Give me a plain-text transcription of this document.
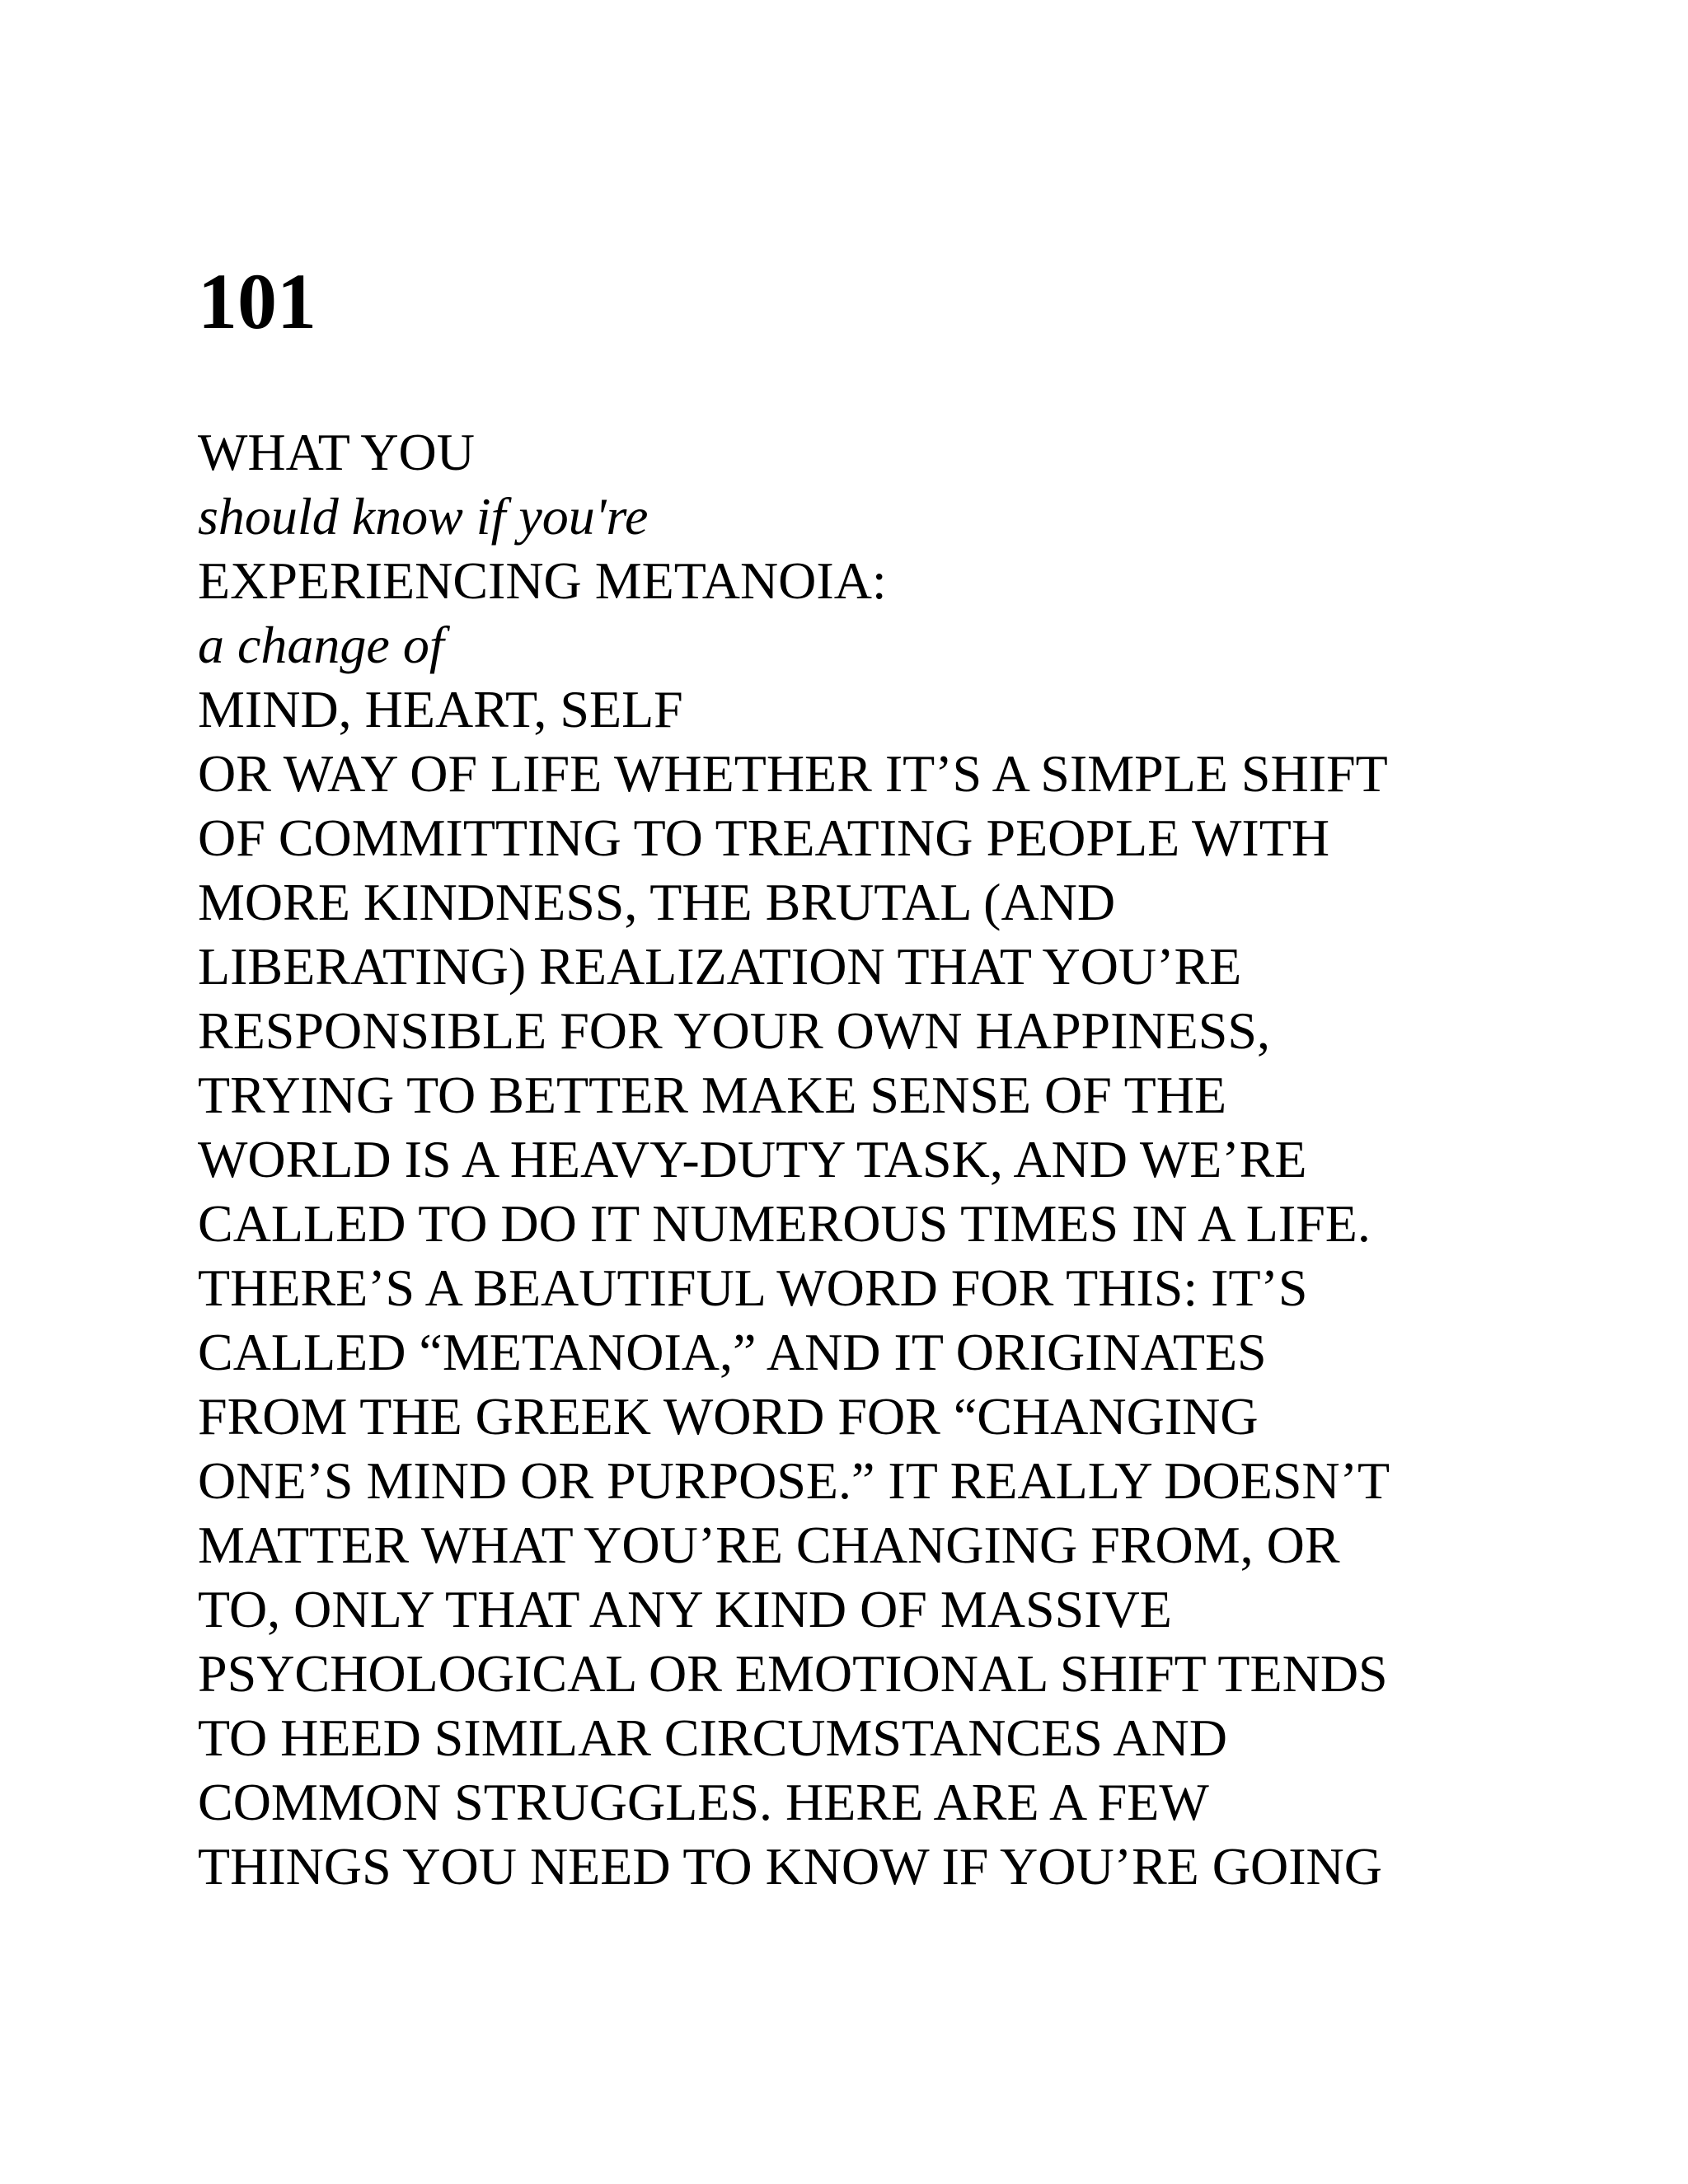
101
WHAT YOU
should know if you're
EXPERIENCING METANOIA:
a change of
MIND, HEART, SELF
OR WAY OF LIFE WHETHER IT’S A SIMPLE SHIFT
OF COMMITTING TO TREATING PEOPLE WITH
MORE KINDNESS, THE BRUTAL (AND
LIBERATING) REALIZATION THAT YOU’RE
RESPONSIBLE FOR YOUR OWN HAPPINESS,
TRYING TO BETTER MAKE SENSE OF THE
WORLD IS A HEAVY-DUTY TASK, AND WE’RE
CALLED TO DO IT NUMEROUS TIMES IN A LIFE.
THERE’S A BEAUTIFUL WORD FOR THIS: IT’S
CALLED “METANOIA,” AND IT ORIGINATES
FROM THE GREEK WORD FOR “CHANGING
ONE’S MIND OR PURPOSE.” IT REALLY DOESN’T
MATTER WHAT YOU’RE CHANGING FROM, OR
TO, ONLY THAT ANY KIND OF MASSIVE
PSYCHOLOGICAL OR EMOTIONAL SHIFT TENDS
TO HEED SIMILAR CIRCUMSTANCES AND
COMMON STRUGGLES. HERE ARE A FEW
THINGS YOU NEED TO KNOW IF YOU’RE GOING
